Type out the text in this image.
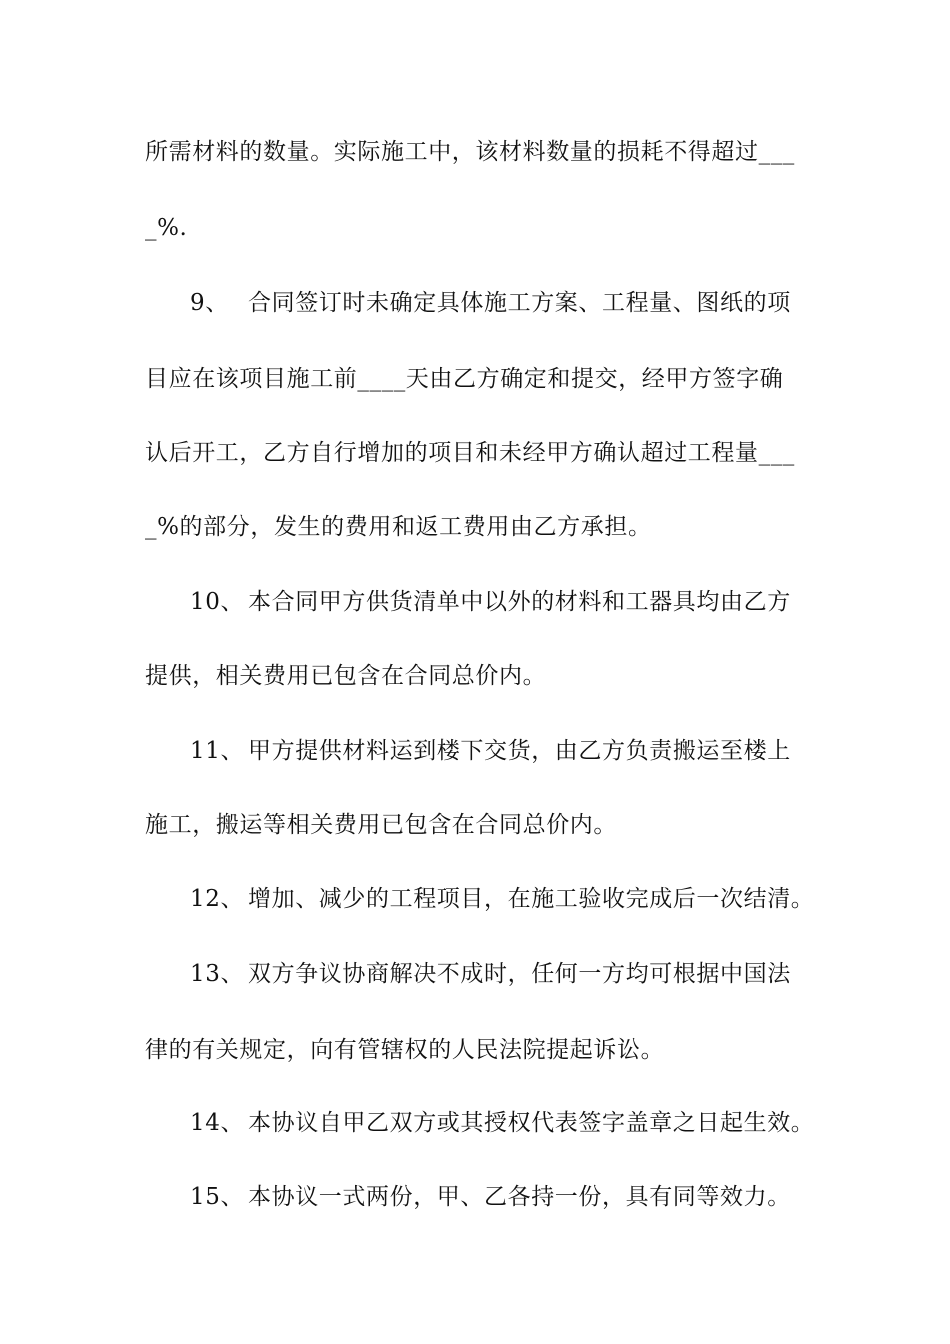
所需材料的数量。实际施工中，该材料数量的损耗不得超过___
_%.
9、 合同签订时未确定具体施工方案、工程量、图纸的项
目应在该项目施工前____天由乙方确定和提交，经甲方签字确
认后开工，乙方自行增加的项目和未经甲方确认超过工程量___
_%的部分，发生的费用和返工费用由乙方承担。
10、 本合同甲方供货清单中以外的材料和工器具均由乙方
提供，相关费用已包含在合同总价内。
11、 甲方提供材料运到楼下交货，由乙方负责搬运至楼上
施工，搬运等相关费用已包含在合同总价内。
12、 增加、减少的工程项目，在施工验收完成后一次结清。
13、 双方争议协商解决不成时，任何一方均可根据中国法
律的有关规定，向有管辖权的人民法院提起诉讼。
14、 本协议自甲乙双方或其授权代表签字盖章之日起生效。
15、 本协议一式两份，甲、乙各持一份，具有同等效力。
